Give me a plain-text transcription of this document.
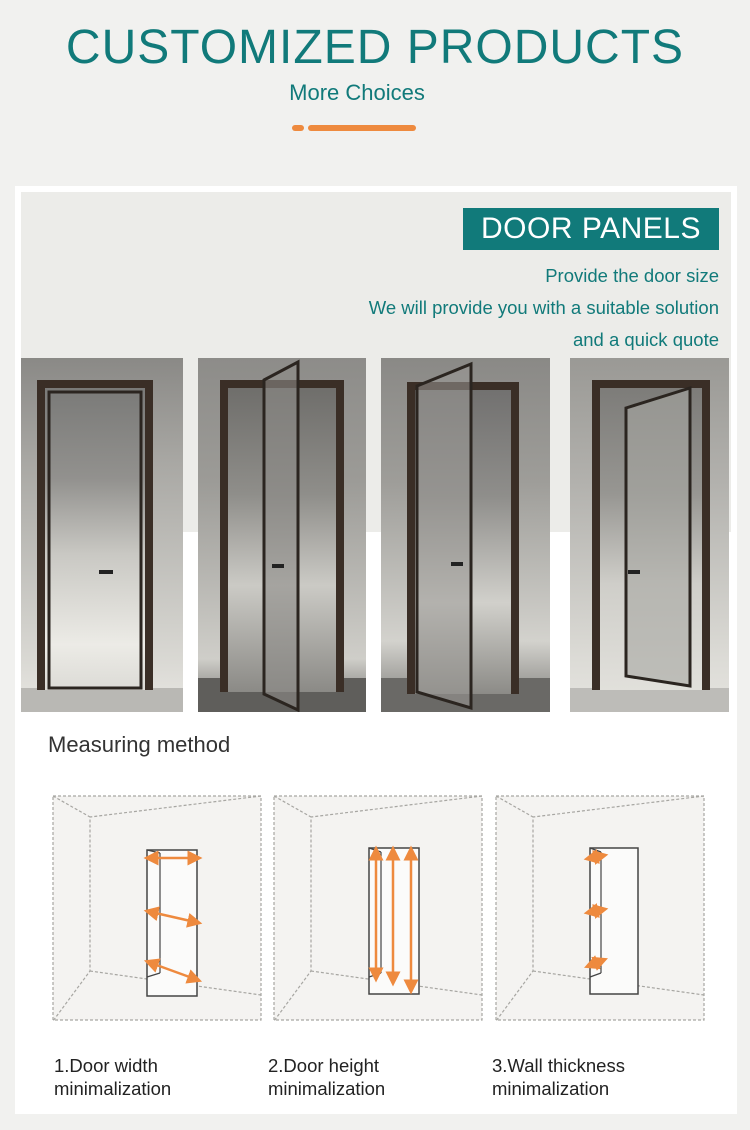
CUSTOMIZED PRODUCTS
More Choices
DOOR PANELS
Provide the door size
We will provide you with a suitable solution
and a quick quote
Measuring method
1.Door width
minimalization
2.Door height
minimalization
3.Wall thickness
minimalization
